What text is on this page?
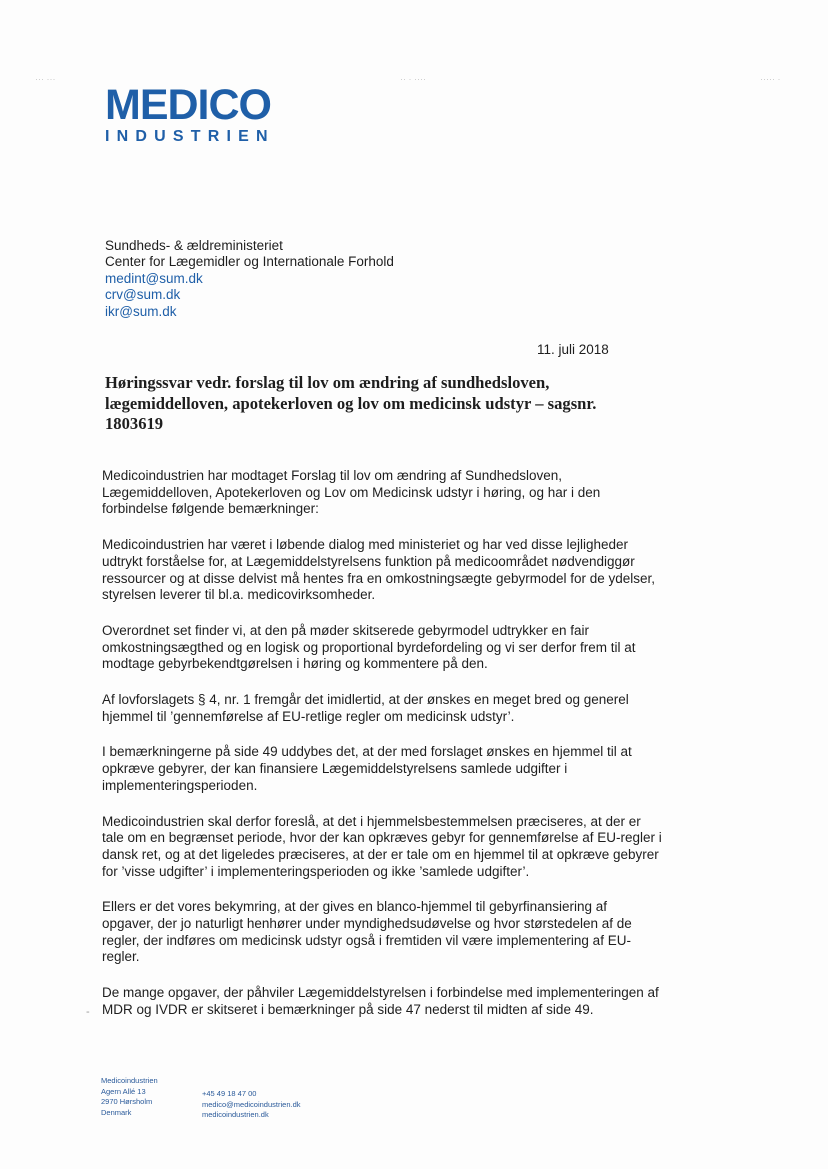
··· ···	·· · ····	····· ·
MEDICO
INDUSTRIEN
Sundheds- & ældreministeriet
Center for Lægemidler og Internationale Forhold
medint@sum.dk
crv@sum.dk
ikr@sum.dk
11. juli 2018
Høringssvar vedr. forslag til lov om ændring af sundhedsloven, lægemiddelloven, apotekerloven og lov om medicinsk udstyr – sagsnr. 1803619

Medicoindustrien har modtaget Forslag til lov om ændring af Sundhedsloven, Lægemiddelloven, Apotekerloven og Lov om Medicinsk udstyr i høring, og har i den forbindelse følgende bemærkninger:

Medicoindustrien har været i løbende dialog med ministeriet og har ved disse lejligheder udtrykt forståelse for, at Lægemiddelstyrelsens funktion på medicoområdet nødvendiggør ressourcer og at disse delvist må hentes fra en omkostningsægte gebyrmodel for de ydelser, styrelsen leverer til bl.a. medicovirksomheder.

Overordnet set finder vi, at den på møder skitserede gebyrmodel udtrykker en fair omkostningsægthed og en logisk og proportional byrdefordeling og vi ser derfor frem til at modtage gebyrbekendtgørelsen i høring og kommentere på den.

Af lovforslagets § 4, nr. 1 fremgår det imidlertid, at der ønskes en meget bred og generel hjemmel til ’gennemførelse af EU-retlige regler om medicinsk udstyr’.

I bemærkningerne på side 49 uddybes det, at der med forslaget ønskes en hjemmel til at opkræve gebyrer, der kan finansiere Lægemiddelstyrelsens samlede udgifter i implementeringsperioden.

Medicoindustrien skal derfor foreslå, at det i hjemmelsbestemmelsen præciseres, at der er tale om en begrænset periode, hvor der kan opkræves gebyr for gennemførelse af EU-regler i dansk ret, og at det ligeledes præciseres, at der er tale om en hjemmel til at opkræve gebyrer for ’visse udgifter’ i implementeringsperioden og ikke ’samlede udgifter’.

Ellers er det vores bekymring, at der gives en blanco-hjemmel til gebyrfinansiering af opgaver, der jo naturligt henhører under myndighedsudøvelse og hvor størstedelen af de regler, der indføres om medicinsk udstyr også i fremtiden vil være implementering af EU-regler.

De mange opgaver, der påhviler Lægemiddelstyrelsen i forbindelse med implementeringen af MDR og IVDR er skitseret i bemærkninger på side 47 nederst til midten af side 49.

-
Medicoindustrien
Agern Allé 13
2970 Hørsholm
Denmark
+45 49 18 47 00
medico@medicoindustrien.dk
medicoindustrien.dk
